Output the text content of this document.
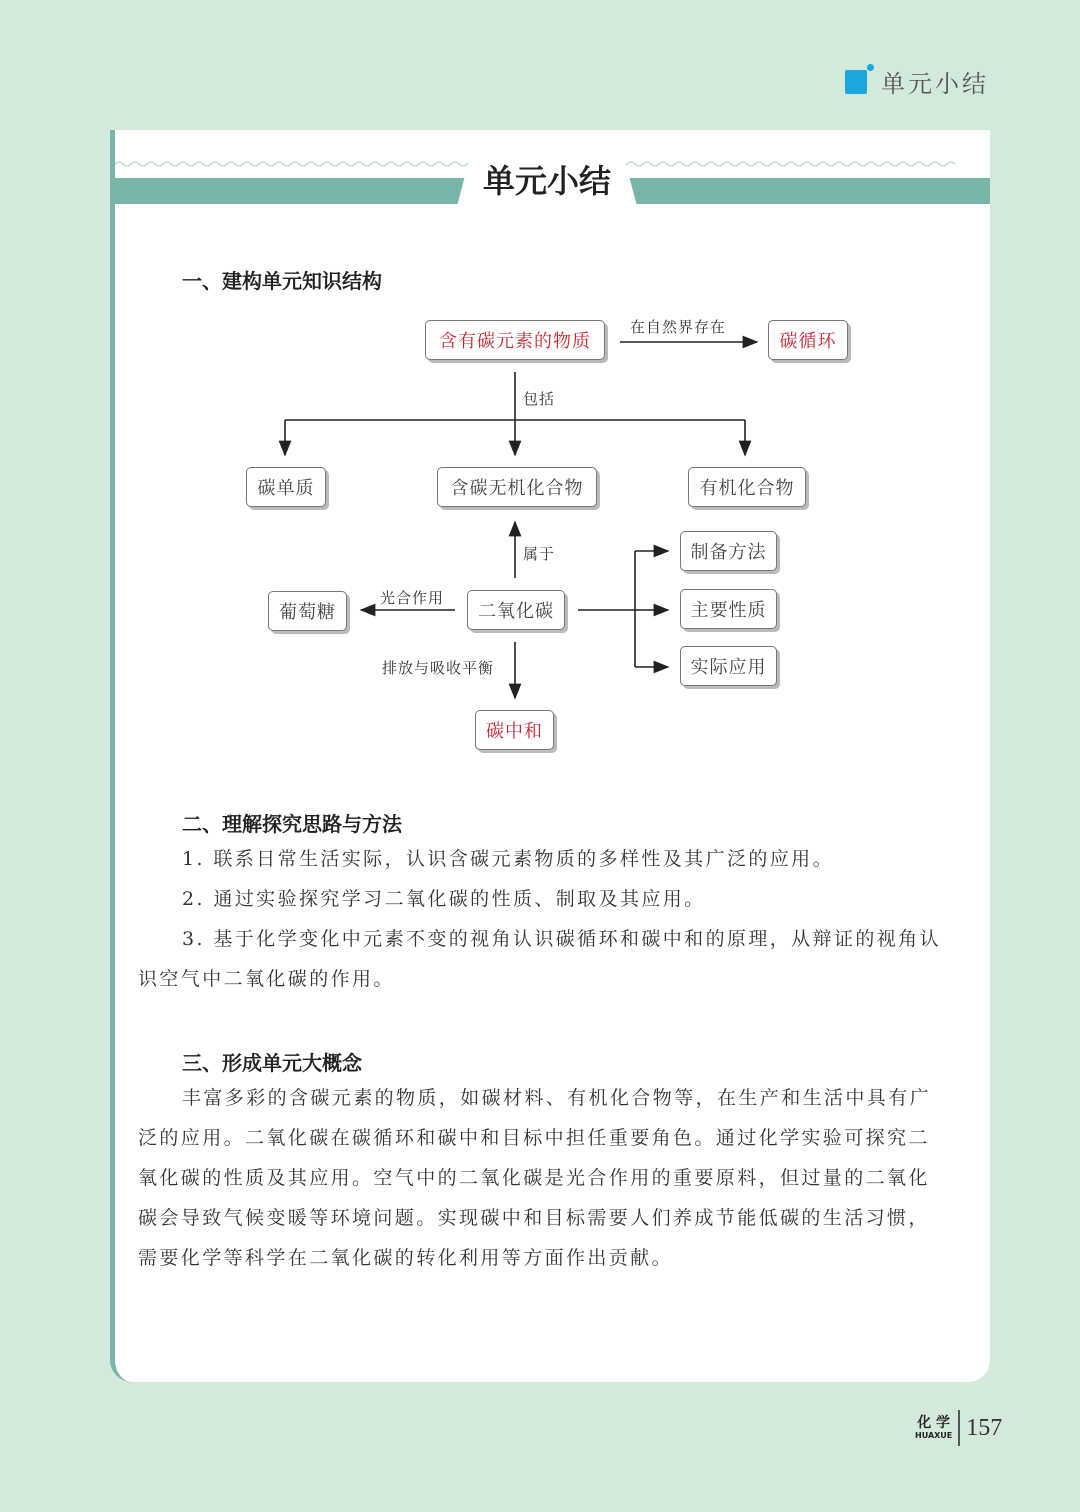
单元小结
单元小结
一、建构单元知识结构
含有碳元素的物质	碳循环
在自然界存在
包括
碳单质	含碳无机化合物	有机化合物
属于
二氧化碳
葡萄糖
光合作用
排放与吸收平衡
碳中和
制备方法
主要性质
实际应用
二、理解探究思路与方法
1. 联系日常生活实际，认识含碳元素物质的多样性及其广泛的应用。
2. 通过实验探究学习二氧化碳的性质、制取及其应用。
3. 基于化学变化中元素不变的视角认识碳循环和碳中和的原理，从辩证的视角认
识空气中二氧化碳的作用。
三、形成单元大概念
丰富多彩的含碳元素的物质，如碳材料、有机化合物等，在生产和生活中具有广
泛的应用。二氧化碳在碳循环和碳中和目标中担任重要角色。通过化学实验可探究二
氧化碳的性质及其应用。空气中的二氧化碳是光合作用的重要原料，但过量的二氧化
碳会导致气候变暖等环境问题。实现碳中和目标需要人们养成节能低碳的生活习惯，
需要化学等科学在二氧化碳的转化利用等方面作出贡献。
化 学
HUAXUE 157
